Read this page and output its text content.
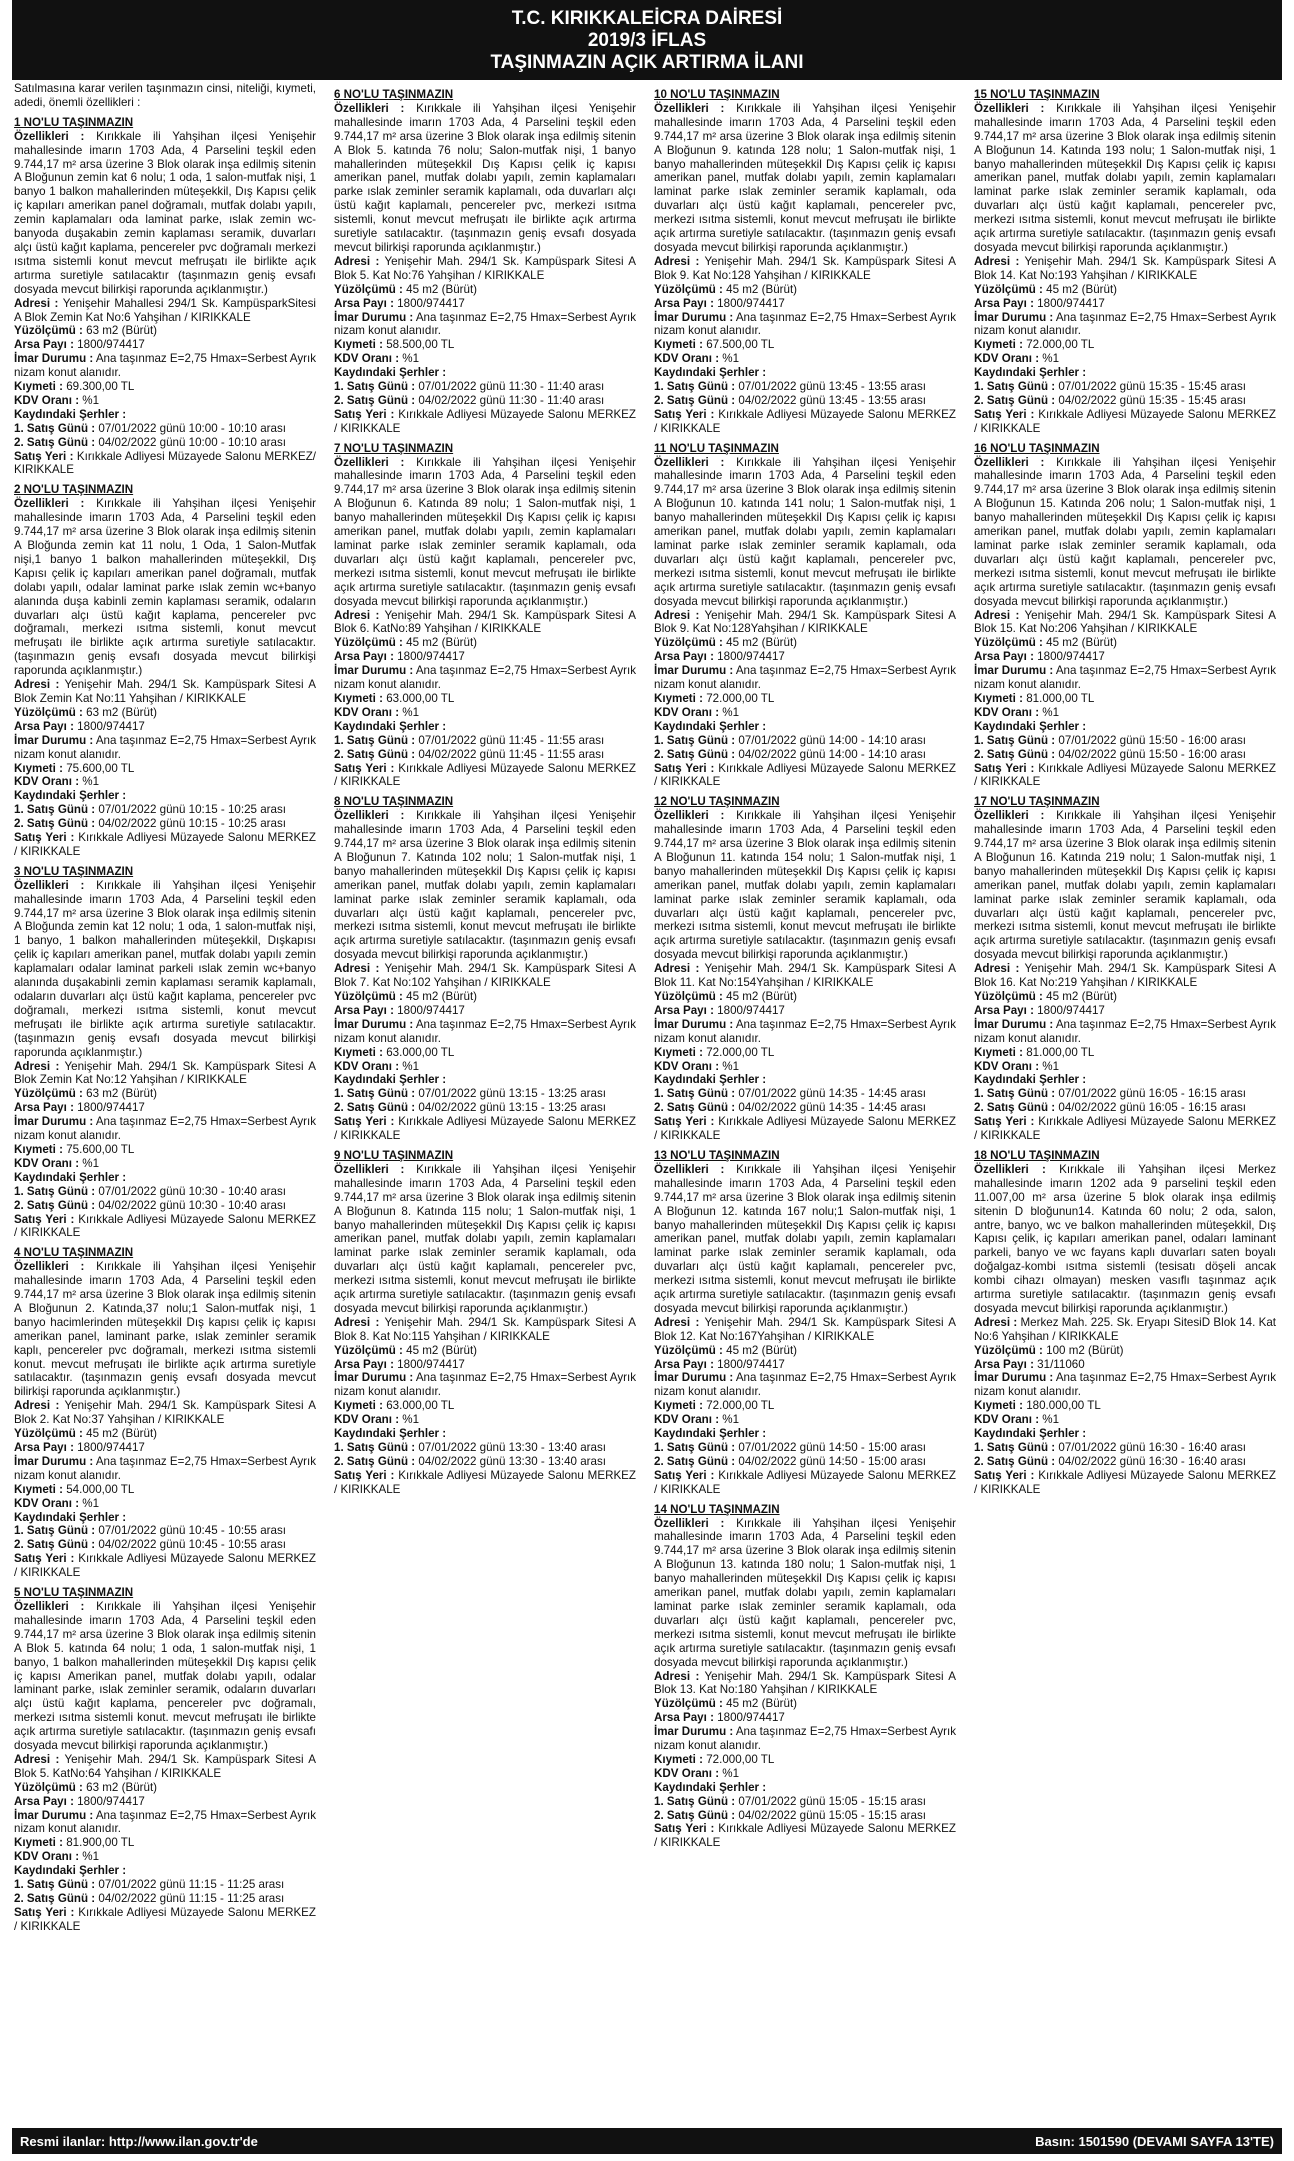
T.C. KIRIKKALEİCRA DAİRESİ
2019/3 İFLAS
TAŞINMAZIN AÇIK ARTIRMA İLANI

Satılmasına karar verilen taşınmazın cinsi, niteliği, kıymeti, adedi, önemli özellikleri :

1 NO'LU TAŞINMAZIN

Özellikleri : Kırıkkale ili Yahşihan ilçesi Yenişehir mahallesinde imarın 1703 Ada, 4 Parselini teşkil eden 9.744,17 m² arsa üzerine 3 Blok olarak inşa edilmiş sitenin A Bloğunun zemin kat 6 nolu; 1 oda, 1 salon-mutfak nişi, 1 banyo 1 balkon mahallerinden müteşekkil, Dış Kapısı çelik iç kapıları amerikan panel doğramalı, mutfak dolabı yapılı, zemin kaplamaları oda laminat parke, ıslak zemin wc-banyoda duşakabin zemin kaplaması seramik, duvarları alçı üstü kağıt kaplama, pencereler pvc doğramalı merkezi ısıtma sistemli konut mevcut mefruşatı ile birlikte açık artırma suretiyle satılacaktır (taşınmazın geniş evsafı dosyada mevcut bilirkişi raporunda açıklanmıştır.)

Adresi : Yenişehir Mahallesi 294/1 Sk. KampüsparkSitesi A Blok Zemin Kat No:6 Yahşihan / KIRIKKALE

Yüzölçümü : 63 m2 (Bürüt)

Arsa Payı : 1800/974417

İmar Durumu : Ana taşınmaz E=2,75 Hmax=Serbest Ayrık nizam konut alanıdır.

Kıymeti : 69.300,00 TL

KDV Oranı : %1

Kaydındaki Şerhler :

1. Satış Günü : 07/01/2022 günü 10:00 - 10:10 arası

2. Satış Günü : 04/02/2022 günü 10:00 - 10:10 arası

Satış Yeri : Kırıkkale Adliyesi Müzayede Salonu MERKEZ/ KIRIKKALE

2 NO'LU TAŞINMAZIN

Özellikleri : Kırıkkale ili Yahşihan ilçesi Yenişehir mahallesinde imarın 1703 Ada, 4 Parselini teşkil eden 9.744,17 m² arsa üzerine 3 Blok olarak inşa edilmiş sitenin A Bloğunda zemin kat 11 nolu, 1 Oda, 1 Salon-Mutfak nişi,1 banyo 1 balkon mahallerinden müteşekkil, Dış Kapısı çelik iç kapıları amerikan panel doğramalı, mutfak dolabı yapılı, odalar laminat parke ıslak zemin wc+banyo alanında duşa kabinli zemin kaplaması seramik, odaların duvarları alçı üstü kağıt kaplama, pencereler pvc doğramalı, merkezi ısıtma sistemli, konut mevcut mefruşatı ile birlikte açık artırma suretiyle satılacaktır. (taşınmazın geniş evsafı dosyada mevcut bilirkişi raporunda açıklanmıştır.)

Adresi : Yenişehir Mah. 294/1 Sk. Kampüspark Sitesi A Blok Zemin Kat No:11 Yahşihan / KIRIKKALE

Yüzölçümü : 63 m2 (Bürüt)

Arsa Payı : 1800/974417

İmar Durumu : Ana taşınmaz E=2,75 Hmax=Serbest Ayrık nizam konut alanıdır.

Kıymeti : 75.600,00 TL

KDV Oranı : %1

Kaydındaki Şerhler :

1. Satış Günü : 07/01/2022 günü 10:15 - 10:25 arası

2. Satış Günü : 04/02/2022 günü 10:15 - 10:25 arası

Satış Yeri : Kırıkkale Adliyesi Müzayede Salonu MERKEZ / KIRIKKALE

3 NO'LU TAŞINMAZIN

Özellikleri : Kırıkkale ili Yahşihan ilçesi Yenişehir mahallesinde imarın 1703 Ada, 4 Parselini teşkil eden 9.744,17 m² arsa üzerine 3 Blok olarak inşa edilmiş sitenin A Bloğunda zemin kat 12 nolu; 1 oda, 1 salon-mutfak nişi, 1 banyo, 1 balkon mahallerinden müteşekkil, Dışkapısı çelik iç kapıları amerikan panel, mutfak dolabı yapılı zemin kaplamaları odalar laminat parkeli ıslak zemin wc+banyo alanında duşakabinli zemin kaplaması seramik kaplamalı, odaların duvarları alçı üstü kağıt kaplama, pencereler pvc doğramalı, merkezi ısıtma sistemli, konut mevcut mefruşatı ile birlikte açık artırma suretiyle satılacaktır. (taşınmazın geniş evsafı dosyada mevcut bilirkişi raporunda açıklanmıştır.)

Adresi : Yenişehir Mah. 294/1 Sk. Kampüspark Sitesi A Blok Zemin Kat No:12 Yahşihan / KIRIKKALE

Yüzölçümü : 63 m2 (Bürüt)

Arsa Payı : 1800/974417

İmar Durumu : Ana taşınmaz E=2,75 Hmax=Serbest Ayrık nizam konut alanıdır.

Kıymeti : 75.600,00 TL

KDV Oranı : %1

Kaydındaki Şerhler :

1. Satış Günü : 07/01/2022 günü 10:30 - 10:40 arası

2. Satış Günü : 04/02/2022 günü 10:30 - 10:40 arası

Satış Yeri : Kırıkkale Adliyesi Müzayede Salonu MERKEZ / KIRIKKALE

4 NO'LU TAŞINMAZIN

Özellikleri : Kırıkkale ili Yahşihan ilçesi Yenişehir mahallesinde imarın 1703 Ada, 4 Parselini teşkil eden 9.744,17 m² arsa üzerine 3 Blok olarak inşa edilmiş sitenin A Bloğunun 2. Katında,37 nolu;1 Salon-mutfak nişi, 1 banyo hacimlerinden müteşekkil Dış kapısı çelik iç kapısı amerikan panel, laminant parke, ıslak zeminler seramik kaplı, pencereler pvc doğramalı, merkezi ısıtma sistemli konut. mevcut mefruşatı ile birlikte açık artırma suretiyle satılacaktır. (taşınmazın geniş evsafı dosyada mevcut bilirkişi raporunda açıklanmıştır.)

Adresi : Yenişehir Mah. 294/1 Sk. Kampüspark Sitesi A Blok 2. Kat No:37 Yahşihan / KIRIKKALE

Yüzölçümü : 45 m2 (Bürüt)

Arsa Payı : 1800/974417

İmar Durumu : Ana taşınmaz E=2,75 Hmax=Serbest Ayrık nizam konut alanıdır.

Kıymeti : 54.000,00 TL

KDV Oranı : %1

Kaydındaki Şerhler :

1. Satış Günü : 07/01/2022 günü 10:45 - 10:55 arası

2. Satış Günü : 04/02/2022 günü 10:45 - 10:55 arası

Satış Yeri : Kırıkkale Adliyesi Müzayede Salonu MERKEZ / KIRIKKALE

5 NO'LU TAŞINMAZIN

Özellikleri : Kırıkkale ili Yahşihan ilçesi Yenişehir mahallesinde imarın 1703 Ada, 4 Parselini teşkil eden 9.744,17 m² arsa üzerine 3 Blok olarak inşa edilmiş sitenin A Blok 5. katında 64 nolu; 1 oda, 1 salon-mutfak nişi, 1 banyo, 1 balkon mahallerinden müteşekkil Dış kapısı çelik iç kapısı Amerikan panel, mutfak dolabı yapılı, odalar laminant parke, ıslak zeminler seramik, odaların duvarları alçı üstü kağıt kaplama, pencereler pvc doğramalı, merkezi ısıtma sistemli konut. mevcut mefruşatı ile birlikte açık artırma suretiyle satılacaktır. (taşınmazın geniş evsafı dosyada mevcut bilirkişi raporunda açıklanmıştır.)

Adresi : Yenişehir Mah. 294/1 Sk. Kampüspark Sitesi A Blok 5. KatNo:64 Yahşihan / KIRIKKALE

Yüzölçümü : 63 m2 (Bürüt)

Arsa Payı : 1800/974417

İmar Durumu : Ana taşınmaz E=2,75 Hmax=Serbest Ayrık nizam konut alanıdır.

Kıymeti : 81.900,00 TL

KDV Oranı : %1

Kaydındaki Şerhler :

1. Satış Günü : 07/01/2022 günü 11:15 - 11:25 arası

2. Satış Günü : 04/02/2022 günü 11:15 - 11:25 arası

Satış Yeri : Kırıkkale Adliyesi Müzayede Salonu MERKEZ / KIRIKKALE

6 NO'LU TAŞINMAZIN

Özellikleri : Kırıkkale ili Yahşihan ilçesi Yenişehir mahallesinde imarın 1703 Ada, 4 Parselini teşkil eden 9.744,17 m² arsa üzerine 3 Blok olarak inşa edilmiş sitenin A Blok 5. katında 76 nolu; Salon-mutfak nişi, 1 banyo mahallerinden müteşekkil Dış Kapısı çelik iç kapısı amerikan panel, mutfak dolabı yapılı, zemin kaplamaları parke ıslak zeminler seramik kaplamalı, oda duvarları alçı üstü kağıt kaplamalı, pencereler pvc, merkezi ısıtma sistemli, konut mevcut mefruşatı ile birlikte açık artırma suretiyle satılacaktır. (taşınmazın geniş evsafı dosyada mevcut bilirkişi raporunda açıklanmıştır.)

Adresi : Yenişehir Mah. 294/1 Sk. Kampüspark Sitesi A Blok 5. Kat No:76 Yahşihan / KIRIKKALE

Yüzölçümü : 45 m2 (Bürüt)

Arsa Payı : 1800/974417

İmar Durumu : Ana taşınmaz E=2,75 Hmax=Serbest Ayrık nizam konut alanıdır.

Kıymeti : 58.500,00 TL

KDV Oranı : %1

Kaydındaki Şerhler :

1. Satış Günü : 07/01/2022 günü 11:30 - 11:40 arası

2. Satış Günü : 04/02/2022 günü 11:30 - 11:40 arası

Satış Yeri : Kırıkkale Adliyesi Müzayede Salonu MERKEZ / KIRIKKALE

7 NO'LU TAŞINMAZIN

Özellikleri : Kırıkkale ili Yahşihan ilçesi Yenişehir mahallesinde imarın 1703 Ada, 4 Parselini teşkil eden 9.744,17 m² arsa üzerine 3 Blok olarak inşa edilmiş sitenin A Bloğunun 6. Katında 89 nolu; 1 Salon-mutfak nişi, 1 banyo mahallerinden müteşekkil Dış Kapısı çelik iç kapısı amerikan panel, mutfak dolabı yapılı, zemin kaplamaları laminat parke ıslak zeminler seramik kaplamalı, oda duvarları alçı üstü kağıt kaplamalı, pencereler pvc, merkezi ısıtma sistemli, konut mevcut mefruşatı ile birlikte açık artırma suretiyle satılacaktır. (taşınmazın geniş evsafı dosyada mevcut bilirkişi raporunda açıklanmıştır.)

Adresi : Yenişehir Mah. 294/1 Sk. Kampüspark Sitesi A Blok 6. KatNo:89 Yahşihan / KIRIKKALE

Yüzölçümü : 45 m2 (Bürüt)

Arsa Payı : 1800/974417

İmar Durumu : Ana taşınmaz E=2,75 Hmax=Serbest Ayrık nizam konut alanıdır.

Kıymeti : 63.000,00 TL

KDV Oranı : %1

Kaydındaki Şerhler :

1. Satış Günü : 07/01/2022 günü 11:45 - 11:55 arası

2. Satış Günü : 04/02/2022 günü 11:45 - 11:55 arası

Satış Yeri : Kırıkkale Adliyesi Müzayede Salonu MERKEZ / KIRIKKALE

8 NO'LU TAŞINMAZIN

Özellikleri : Kırıkkale ili Yahşihan ilçesi Yenişehir mahallesinde imarın 1703 Ada, 4 Parselini teşkil eden 9.744,17 m² arsa üzerine 3 Blok olarak inşa edilmiş sitenin A Bloğunun 7. Katında 102 nolu; 1 Salon-mutfak nişi, 1 banyo mahallerinden müteşekkil Dış Kapısı çelik iç kapısı amerikan panel, mutfak dolabı yapılı, zemin kaplamaları laminat parke ıslak zeminler seramik kaplamalı, oda duvarları alçı üstü kağıt kaplamalı, pencereler pvc, merkezi ısıtma sistemli, konut mevcut mefruşatı ile birlikte açık artırma suretiyle satılacaktır. (taşınmazın geniş evsafı dosyada mevcut bilirkişi raporunda açıklanmıştır.)

Adresi : Yenişehir Mah. 294/1 Sk. Kampüspark Sitesi A Blok 7. Kat No:102 Yahşihan / KIRIKKALE

Yüzölçümü : 45 m2 (Bürüt)

Arsa Payı : 1800/974417

İmar Durumu : Ana taşınmaz E=2,75 Hmax=Serbest Ayrık nizam konut alanıdır.

Kıymeti : 63.000,00 TL

KDV Oranı : %1

Kaydındaki Şerhler :

1. Satış Günü : 07/01/2022 günü 13:15 - 13:25 arası

2. Satış Günü : 04/02/2022 günü 13:15 - 13:25 arası

Satış Yeri : Kırıkkale Adliyesi Müzayede Salonu MERKEZ / KIRIKKALE

9 NO'LU TAŞINMAZIN

Özellikleri : Kırıkkale ili Yahşihan ilçesi Yenişehir mahallesinde imarın 1703 Ada, 4 Parselini teşkil eden 9.744,17 m² arsa üzerine 3 Blok olarak inşa edilmiş sitenin A Bloğunun 8. Katında 115 nolu; 1 Salon-mutfak nişi, 1 banyo mahallerinden müteşekkil Dış Kapısı çelik iç kapısı amerikan panel, mutfak dolabı yapılı, zemin kaplamaları laminat parke ıslak zeminler seramik kaplamalı, oda duvarları alçı üstü kağıt kaplamalı, pencereler pvc, merkezi ısıtma sistemli, konut mevcut mefruşatı ile birlikte açık artırma suretiyle satılacaktır. (taşınmazın geniş evsafı dosyada mevcut bilirkişi raporunda açıklanmıştır.)

Adresi : Yenişehir Mah. 294/1 Sk. Kampüspark Sitesi A Blok 8. Kat No:115 Yahşihan / KIRIKKALE

Yüzölçümü : 45 m2 (Bürüt)

Arsa Payı : 1800/974417

İmar Durumu : Ana taşınmaz E=2,75 Hmax=Serbest Ayrık nizam konut alanıdır.

Kıymeti : 63.000,00 TL

KDV Oranı : %1

Kaydındaki Şerhler :

1. Satış Günü : 07/01/2022 günü 13:30 - 13:40 arası

2. Satış Günü : 04/02/2022 günü 13:30 - 13:40 arası

Satış Yeri : Kırıkkale Adliyesi Müzayede Salonu MERKEZ / KIRIKKALE

10 NO'LU TAŞINMAZIN

Özellikleri : Kırıkkale ili Yahşihan ilçesi Yenişehir mahallesinde imarın 1703 Ada, 4 Parselini teşkil eden 9.744,17 m² arsa üzerine 3 Blok olarak inşa edilmiş sitenin A Bloğunun 9. katında 128 nolu; 1 Salon-mutfak nişi, 1 banyo mahallerinden müteşekkil Dış Kapısı çelik iç kapısı amerikan panel, mutfak dolabı yapılı, zemin kaplamaları laminat parke ıslak zeminler seramik kaplamalı, oda duvarları alçı üstü kağıt kaplamalı, pencereler pvc, merkezi ısıtma sistemli, konut mevcut mefruşatı ile birlikte açık artırma suretiyle satılacaktır. (taşınmazın geniş evsafı dosyada mevcut bilirkişi raporunda açıklanmıştır.)

Adresi : Yenişehir Mah. 294/1 Sk. Kampüspark Sitesi A Blok 9. Kat No:128 Yahşihan / KIRIKKALE

Yüzölçümü : 45 m2 (Bürüt)

Arsa Payı : 1800/974417

İmar Durumu : Ana taşınmaz E=2,75 Hmax=Serbest Ayrık nizam konut alanıdır.

Kıymeti : 67.500,00 TL

KDV Oranı : %1

Kaydındaki Şerhler :

1. Satış Günü : 07/01/2022 günü 13:45 - 13:55 arası

2. Satış Günü : 04/02/2022 günü 13:45 - 13:55 arası

Satış Yeri : Kırıkkale Adliyesi Müzayede Salonu MERKEZ / KIRIKKALE

11 NO'LU TAŞINMAZIN

Özellikleri : Kırıkkale ili Yahşihan ilçesi Yenişehir mahallesinde imarın 1703 Ada, 4 Parselini teşkil eden 9.744,17 m² arsa üzerine 3 Blok olarak inşa edilmiş sitenin A Bloğunun 10. katında 141 nolu; 1 Salon-mutfak nişi, 1 banyo mahallerinden müteşekkil Dış Kapısı çelik iç kapısı amerikan panel, mutfak dolabı yapılı, zemin kaplamaları laminat parke ıslak zeminler seramik kaplamalı, oda duvarları alçı üstü kağıt kaplamalı, pencereler pvc, merkezi ısıtma sistemli, konut mevcut mefruşatı ile birlikte açık artırma suretiyle satılacaktır. (taşınmazın geniş evsafı dosyada mevcut bilirkişi raporunda açıklanmıştır.)

Adresi : Yenişehir Mah. 294/1 Sk. Kampüspark Sitesi A Blok 9. Kat No:128Yahşihan / KIRIKKALE

Yüzölçümü : 45 m2 (Bürüt)

Arsa Payı : 1800/974417

İmar Durumu : Ana taşınmaz E=2,75 Hmax=Serbest Ayrık nizam konut alanıdır.

Kıymeti : 72.000,00 TL

KDV Oranı : %1

Kaydındaki Şerhler :

1. Satış Günü : 07/01/2022 günü 14:00 - 14:10 arası

2. Satış Günü : 04/02/2022 günü 14:00 - 14:10 arası

Satış Yeri : Kırıkkale Adliyesi Müzayede Salonu MERKEZ / KIRIKKALE

12 NO'LU TAŞINMAZIN

Özellikleri : Kırıkkale ili Yahşihan ilçesi Yenişehir mahallesinde imarın 1703 Ada, 4 Parselini teşkil eden 9.744,17 m² arsa üzerine 3 Blok olarak inşa edilmiş sitenin A Bloğunun 11. katında 154 nolu; 1 Salon-mutfak nişi, 1 banyo mahallerinden müteşekkil Dış Kapısı çelik iç kapısı amerikan panel, mutfak dolabı yapılı, zemin kaplamaları laminat parke ıslak zeminler seramik kaplamalı, oda duvarları alçı üstü kağıt kaplamalı, pencereler pvc, merkezi ısıtma sistemli, konut mevcut mefruşatı ile birlikte açık artırma suretiyle satılacaktır. (taşınmazın geniş evsafı dosyada mevcut bilirkişi raporunda açıklanmıştır.)

Adresi : Yenişehir Mah. 294/1 Sk. Kampüspark Sitesi A Blok 11. Kat No:154Yahşihan / KIRIKKALE

Yüzölçümü : 45 m2 (Bürüt)

Arsa Payı : 1800/974417

İmar Durumu : Ana taşınmaz E=2,75 Hmax=Serbest Ayrık nizam konut alanıdır.

Kıymeti : 72.000,00 TL

KDV Oranı : %1

Kaydındaki Şerhler :

1. Satış Günü : 07/01/2022 günü 14:35 - 14:45 arası

2. Satış Günü : 04/02/2022 günü 14:35 - 14:45 arası

Satış Yeri : Kırıkkale Adliyesi Müzayede Salonu MERKEZ / KIRIKKALE

13 NO'LU TAŞINMAZIN

Özellikleri : Kırıkkale ili Yahşihan ilçesi Yenişehir mahallesinde imarın 1703 Ada, 4 Parselini teşkil eden 9.744,17 m² arsa üzerine 3 Blok olarak inşa edilmiş sitenin A Bloğunun 12. katında 167 nolu;1 Salon-mutfak nişi, 1 banyo mahallerinden müteşekkil Dış Kapısı çelik iç kapısı amerikan panel, mutfak dolabı yapılı, zemin kaplamaları laminat parke ıslak zeminler seramik kaplamalı, oda duvarları alçı üstü kağıt kaplamalı, pencereler pvc, merkezi ısıtma sistemli, konut mevcut mefruşatı ile birlikte açık artırma suretiyle satılacaktır. (taşınmazın geniş evsafı dosyada mevcut bilirkişi raporunda açıklanmıştır.)

Adresi : Yenişehir Mah. 294/1 Sk. Kampüspark Sitesi A Blok 12. Kat No:167Yahşihan / KIRIKKALE

Yüzölçümü : 45 m2 (Bürüt)

Arsa Payı : 1800/974417

İmar Durumu : Ana taşınmaz E=2,75 Hmax=Serbest Ayrık nizam konut alanıdır.

Kıymeti : 72.000,00 TL

KDV Oranı : %1

Kaydındaki Şerhler :

1. Satış Günü : 07/01/2022 günü 14:50 - 15:00 arası

2. Satış Günü : 04/02/2022 günü 14:50 - 15:00 arası

Satış Yeri : Kırıkkale Adliyesi Müzayede Salonu MERKEZ / KIRIKKALE

14 NO'LU TAŞINMAZIN

Özellikleri : Kırıkkale ili Yahşihan ilçesi Yenişehir mahallesinde imarın 1703 Ada, 4 Parselini teşkil eden 9.744,17 m² arsa üzerine 3 Blok olarak inşa edilmiş sitenin A Bloğunun 13. katında 180 nolu; 1 Salon-mutfak nişi, 1 banyo mahallerinden müteşekkil Dış Kapısı çelik iç kapısı amerikan panel, mutfak dolabı yapılı, zemin kaplamaları laminat parke ıslak zeminler seramik kaplamalı, oda duvarları alçı üstü kağıt kaplamalı, pencereler pvc, merkezi ısıtma sistemli, konut mevcut mefruşatı ile birlikte açık artırma suretiyle satılacaktır. (taşınmazın geniş evsafı dosyada mevcut bilirkişi raporunda açıklanmıştır.)

Adresi : Yenişehir Mah. 294/1 Sk. Kampüspark Sitesi A Blok 13. Kat No:180 Yahşihan / KIRIKKALE

Yüzölçümü : 45 m2 (Bürüt)

Arsa Payı : 1800/974417

İmar Durumu : Ana taşınmaz E=2,75 Hmax=Serbest Ayrık nizam konut alanıdır.

Kıymeti : 72.000,00 TL

KDV Oranı : %1

Kaydındaki Şerhler :

1. Satış Günü : 07/01/2022 günü 15:05 - 15:15 arası

2. Satış Günü : 04/02/2022 günü 15:05 - 15:15 arası

Satış Yeri : Kırıkkale Adliyesi Müzayede Salonu MERKEZ / KIRIKKALE

15 NO'LU TAŞINMAZIN

Özellikleri : Kırıkkale ili Yahşihan ilçesi Yenişehir mahallesinde imarın 1703 Ada, 4 Parselini teşkil eden 9.744,17 m² arsa üzerine 3 Blok olarak inşa edilmiş sitenin A Bloğunun 14. Katında 193 nolu; 1 Salon-mutfak nişi, 1 banyo mahallerinden müteşekkil Dış Kapısı çelik iç kapısı amerikan panel, mutfak dolabı yapılı, zemin kaplamaları laminat parke ıslak zeminler seramik kaplamalı, oda duvarları alçı üstü kağıt kaplamalı, pencereler pvc, merkezi ısıtma sistemli, konut mevcut mefruşatı ile birlikte açık artırma suretiyle satılacaktır. (taşınmazın geniş evsafı dosyada mevcut bilirkişi raporunda açıklanmıştır.)

Adresi : Yenişehir Mah. 294/1 Sk. Kampüspark Sitesi A Blok 14. Kat No:193 Yahşihan / KIRIKKALE

Yüzölçümü : 45 m2 (Bürüt)

Arsa Payı : 1800/974417

İmar Durumu : Ana taşınmaz E=2,75 Hmax=Serbest Ayrık nizam konut alanıdır.

Kıymeti : 72.000,00 TL

KDV Oranı : %1

Kaydındaki Şerhler :

1. Satış Günü : 07/01/2022 günü 15:35 - 15:45 arası

2. Satış Günü : 04/02/2022 günü 15:35 - 15:45 arası

Satış Yeri : Kırıkkale Adliyesi Müzayede Salonu MERKEZ / KIRIKKALE

16 NO'LU TAŞINMAZIN

Özellikleri : Kırıkkale ili Yahşihan ilçesi Yenişehir mahallesinde imarın 1703 Ada, 4 Parselini teşkil eden 9.744,17 m² arsa üzerine 3 Blok olarak inşa edilmiş sitenin A Bloğunun 15. Katında 206 nolu; 1 Salon-mutfak nişi, 1 banyo mahallerinden müteşekkil Dış Kapısı çelik iç kapısı amerikan panel, mutfak dolabı yapılı, zemin kaplamaları laminat parke ıslak zeminler seramik kaplamalı, oda duvarları alçı üstü kağıt kaplamalı, pencereler pvc, merkezi ısıtma sistemli, konut mevcut mefruşatı ile birlikte açık artırma suretiyle satılacaktır. (taşınmazın geniş evsafı dosyada mevcut bilirkişi raporunda açıklanmıştır.)

Adresi : Yenişehir Mah. 294/1 Sk. Kampüspark Sitesi A Blok 15. Kat No:206 Yahşihan / KIRIKKALE

Yüzölçümü : 45 m2 (Bürüt)

Arsa Payı : 1800/974417

İmar Durumu : Ana taşınmaz E=2,75 Hmax=Serbest Ayrık nizam konut alanıdır.

Kıymeti : 81.000,00 TL

KDV Oranı : %1

Kaydındaki Şerhler :

1. Satış Günü : 07/01/2022 günü 15:50 - 16:00 arası

2. Satış Günü : 04/02/2022 günü 15:50 - 16:00 arası

Satış Yeri : Kırıkkale Adliyesi Müzayede Salonu MERKEZ / KIRIKKALE

17 NO'LU TAŞINMAZIN

Özellikleri : Kırıkkale ili Yahşihan ilçesi Yenişehir mahallesinde imarın 1703 Ada, 4 Parselini teşkil eden 9.744,17 m² arsa üzerine 3 Blok olarak inşa edilmiş sitenin A Bloğunun 16. Katında 219 nolu; 1 Salon-mutfak nişi, 1 banyo mahallerinden müteşekkil Dış Kapısı çelik iç kapısı amerikan panel, mutfak dolabı yapılı, zemin kaplamaları laminat parke ıslak zeminler seramik kaplamalı, oda duvarları alçı üstü kağıt kaplamalı, pencereler pvc, merkezi ısıtma sistemli, konut mevcut mefruşatı ile birlikte açık artırma suretiyle satılacaktır. (taşınmazın geniş evsafı dosyada mevcut bilirkişi raporunda açıklanmıştır.)

Adresi : Yenişehir Mah. 294/1 Sk. Kampüspark Sitesi A Blok 16. Kat No:219 Yahşihan / KIRIKKALE

Yüzölçümü : 45 m2 (Bürüt)

Arsa Payı : 1800/974417

İmar Durumu : Ana taşınmaz E=2,75 Hmax=Serbest Ayrık nizam konut alanıdır.

Kıymeti : 81.000,00 TL

KDV Oranı : %1

Kaydındaki Şerhler :

1. Satış Günü : 07/01/2022 günü 16:05 - 16:15 arası

2. Satış Günü : 04/02/2022 günü 16:05 - 16:15 arası

Satış Yeri : Kırıkkale Adliyesi Müzayede Salonu MERKEZ / KIRIKKALE

18 NO'LU TAŞINMAZIN

Özellikleri : Kırıkkale ili Yahşihan ilçesi Merkez mahallesinde imarın 1202 ada 9 parselini teşkil eden 11.007,00 m² arsa üzerine 5 blok olarak inşa edilmiş sitenin D bloğunun14. Katında 60 nolu; 2 oda, salon, antre, banyo, wc ve balkon mahallerinden müteşekkil, Dış Kapısı çelik, iç kapıları amerikan panel, odaları laminant parkeli, banyo ve wc fayans kaplı duvarları saten boyalı doğalgaz-kombi ısıtma sistemli (tesisatı döşeli ancak kombi cihazı olmayan) mesken vasıflı taşınmaz açık artırma suretiyle satılacaktır. (taşınmazın geniş evsafı dosyada mevcut bilirkişi raporunda açıklanmıştır.)

Adresi : Merkez Mah. 225. Sk. Eryapı SitesiD Blok 14. Kat No:6 Yahşihan / KIRIKKALE

Yüzölçümü : 100 m2 (Bürüt)

Arsa Payı : 31/11060

İmar Durumu : Ana taşınmaz E=2,75 Hmax=Serbest Ayrık nizam konut alanıdır.

Kıymeti : 180.000,00 TL

KDV Oranı : %1

Kaydındaki Şerhler :

1. Satış Günü : 07/01/2022 günü 16:30 - 16:40 arası

2. Satış Günü : 04/02/2022 günü 16:30 - 16:40 arası

Satış Yeri : Kırıkkale Adliyesi Müzayede Salonu MERKEZ / KIRIKKALE

Resmi ilanlar: http://www.ilan.gov.tr'de	Basın: 1501590 (DEVAMI SAYFA 13'TE)
